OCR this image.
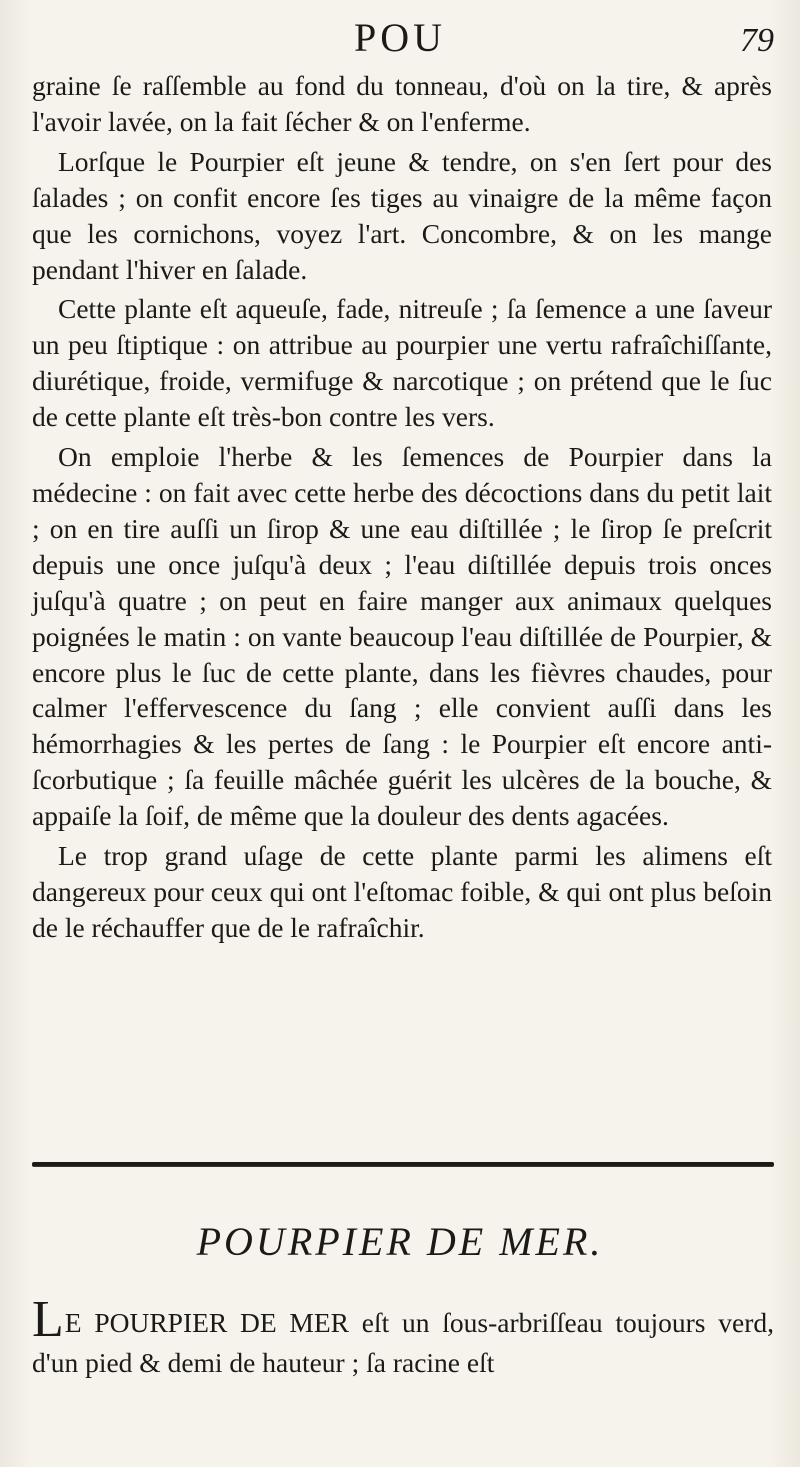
POU	79

graine ſe raſſemble au fond du tonneau, d'où on la tire, & après l'avoir lavée, on la fait ſécher & on l'enferme.

Lorſque le Pourpier eſt jeune & tendre, on s'en ſert pour des ſalades ; on confit encore ſes tiges au vinaigre de la même façon que les cornichons, voyez l'art. Concombre, & on les mange pendant l'hiver en ſalade.

Cette plante eſt aqueuſe, fade, nitreuſe ; ſa ſemence a une ſaveur un peu ſtiptique : on attribue au pourpier une vertu rafraîchiſſante, diurétique, froide, vermifuge & narcotique ; on prétend que le ſuc de cette plante eſt très-bon contre les vers.

On emploie l'herbe & les ſemences de Pourpier dans la médecine : on fait avec cette herbe des décoctions dans du petit lait ; on en tire auſſi un ſirop & une eau diſtillée ; le ſirop ſe preſcrit depuis une once juſqu'à deux ; l'eau diſtillée depuis trois onces juſqu'à quatre ; on peut en faire manger aux animaux quelques poignées le matin : on vante beaucoup l'eau diſtillée de Pourpier, & encore plus le ſuc de cette plante, dans les fièvres chaudes, pour calmer l'effervescence du ſang ; elle convient auſſi dans les hémorrhagies & les pertes de ſang : le Pourpier eſt encore anti-ſcorbutique ; ſa feuille mâchée guérit les ulcères de la bouche, & appaiſe la ſoif, de même que la douleur des dents agacées.

Le trop grand uſage de cette plante parmi les alimens eſt dangereux pour ceux qui ont l'eſtomac foible, & qui ont plus beſoin de le réchauffer que de le rafraîchir.

POURPIER DE MER.
LE POURPIER DE MER eſt un ſous-arbriſſeau toujours verd, d'un pied & demi de hauteur ; ſa racine eſt
